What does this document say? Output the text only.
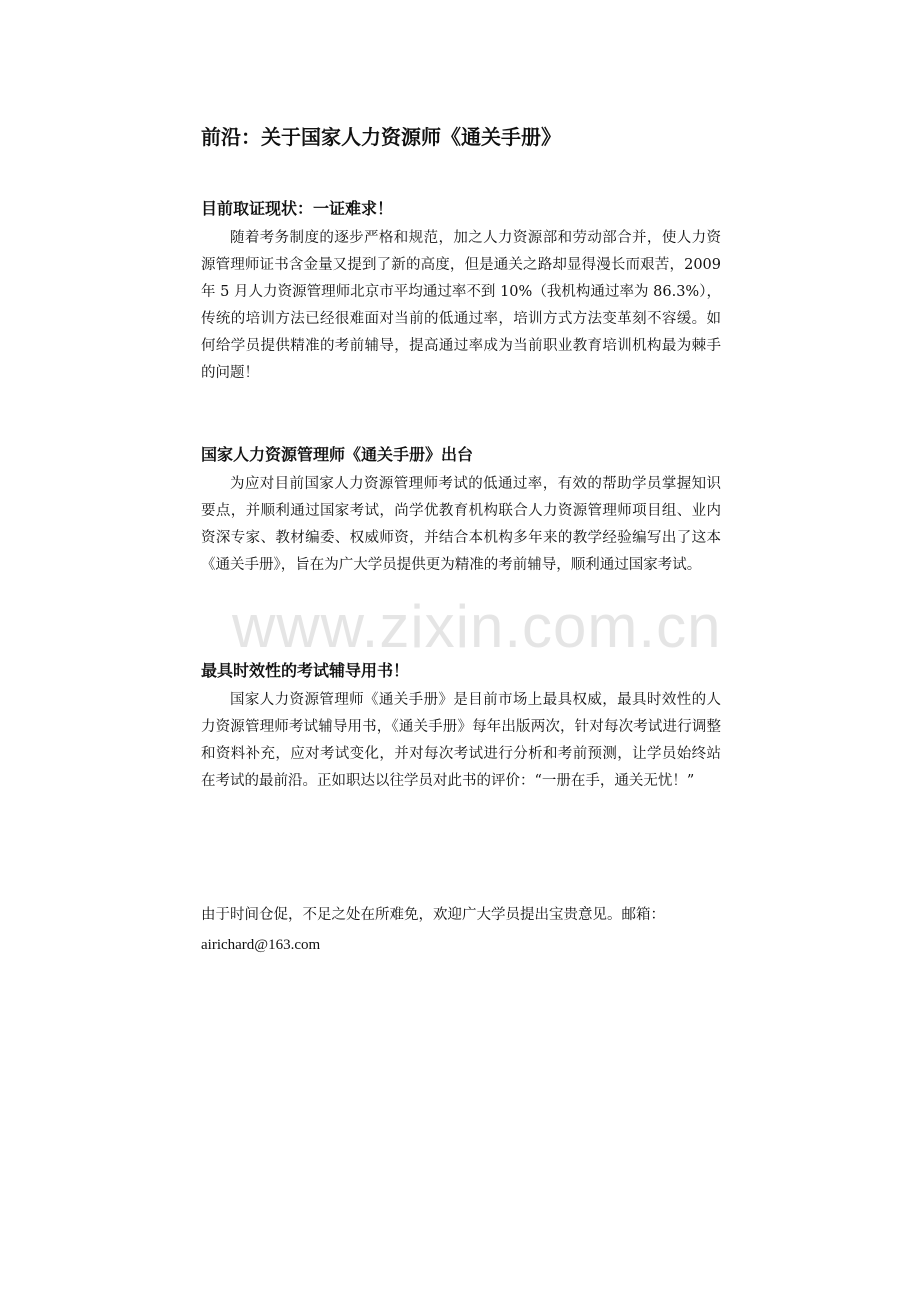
前沿：关于国家人力资源师《通关手册》
目前取证现状：一证难求！

随着考务制度的逐步严格和规范，加之人力资源部和劳动部合并，使人力资源管理师证书含金量又提到了新的高度，但是通关之路却显得漫长而艰苦，2009 年 5 月人力资源管理师北京市平均通过率不到 10%（我机构通过率为 86.3%），传统的培训方法已经很难面对当前的低通过率，培训方式方法变革刻不容缓。如何给学员提供精准的考前辅导，提高通过率成为当前职业教育培训机构最为棘手的问题！

国家人力资源管理师《通关手册》出台

为应对目前国家人力资源管理师考试的低通过率，有效的帮助学员掌握知识要点，并顺利通过国家考试，尚学优教育机构联合人力资源管理师项目组、业内资深专家、教材编委、权威师资，并结合本机构多年来的教学经验编写出了这本《通关手册》，旨在为广大学员提供更为精准的考前辅导，顺利通过国家考试。

最具时效性的考试辅导用书！

国家人力资源管理师《通关手册》是目前市场上最具权威，最具时效性的人力资源管理师考试辅导用书，《通关手册》每年出版两次，针对每次考试进行调整和资料补充，应对考试变化，并对每次考试进行分析和考前预测，让学员始终站在考试的最前沿。正如职达以往学员对此书的评价：“一册在手，通关无忧！”

由于时间仓促，不足之处在所难免，欢迎广大学员提出宝贵意见。邮箱：
airichard@163.com
www.zixin.com.cn
